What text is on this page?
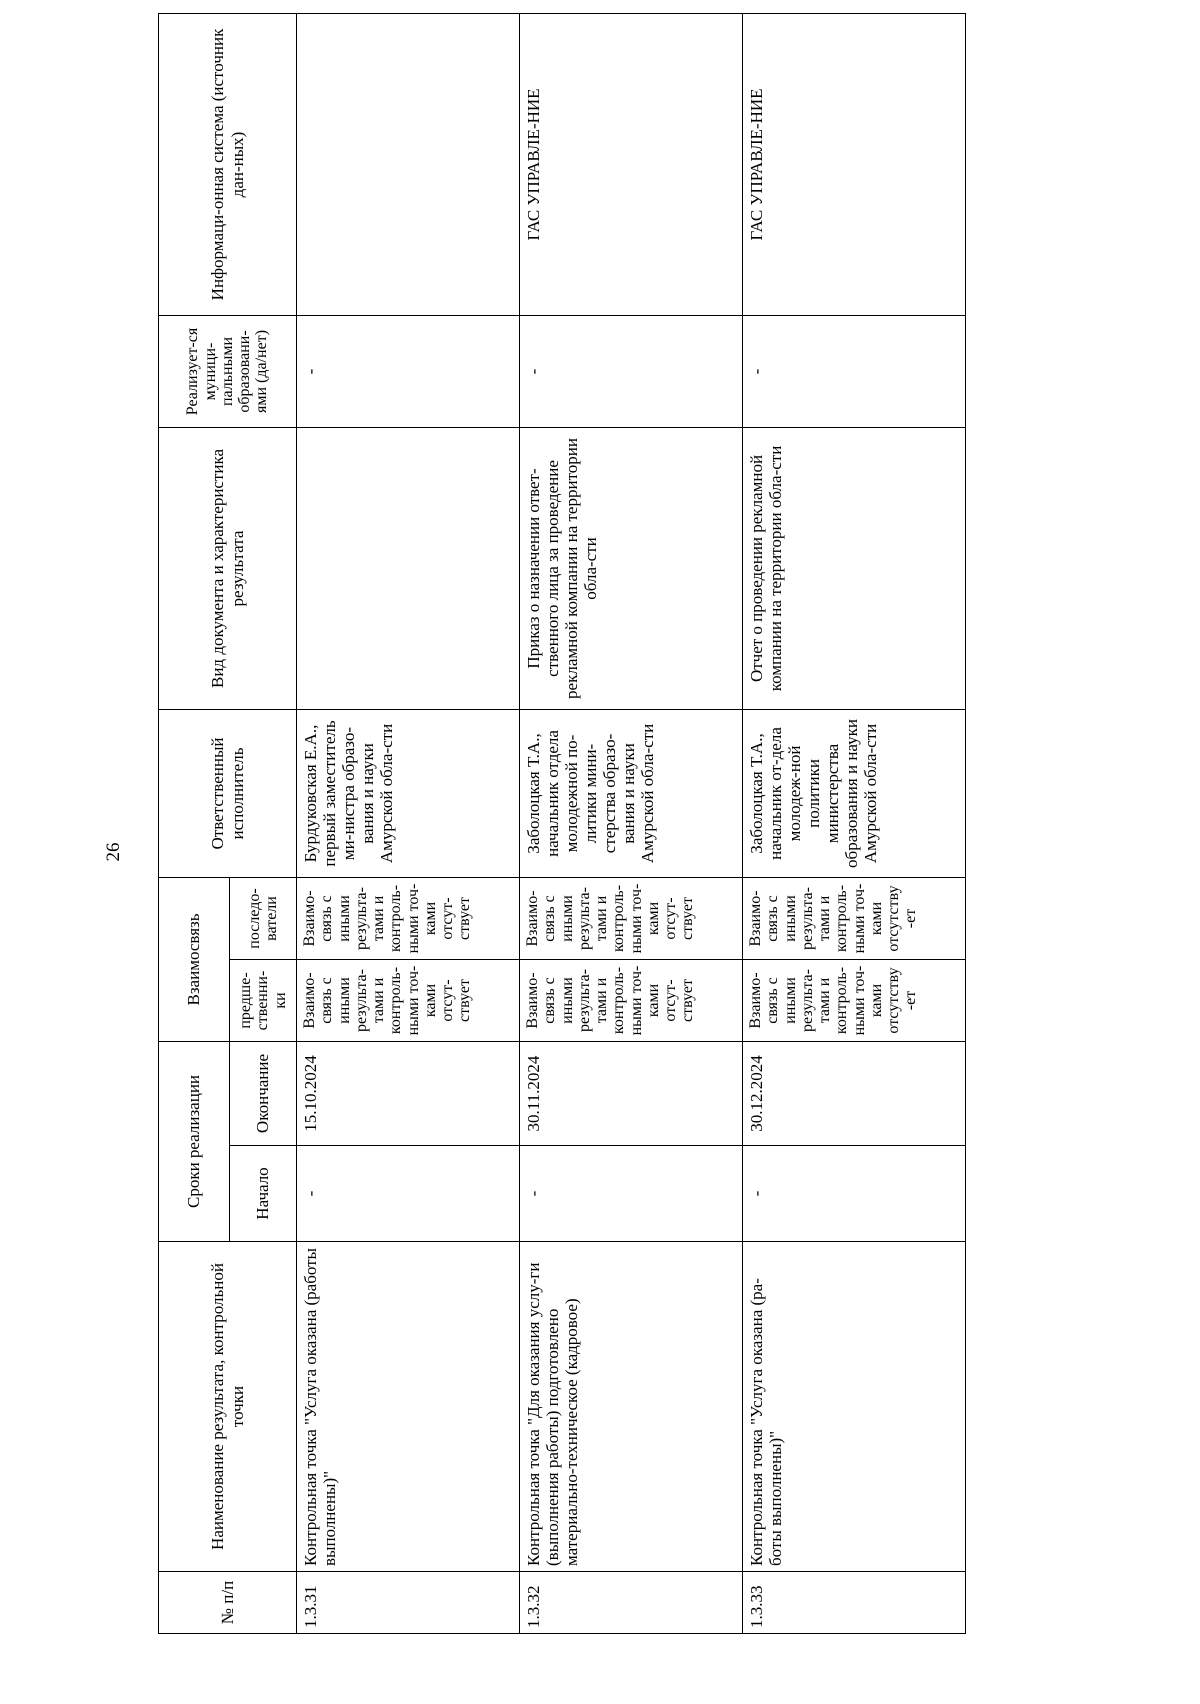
26
№ п/п	Наименование результата, контрольной точки	Сроки реализации		Взаимосвязь		Ответственный исполнитель	Вид документа и характеристика результата	Реализует-ся муници-пальными образовани-ями (да/нет)	Информаци-онная система (источник дан-ных)
		Начало	Окончание	предше-ственни-ки	последо-ватели				
1.3.31	Контрольная точка "Услуга оказана (работы выполнены)"	-	15.10.2024	Взаимо-связь с иными результа-тами и контроль-ными точ-ками отсут-ствует	Взаимо-связь с иными результа-тами и контроль-ными точ-ками отсут-ствует	Бурдуковская Е.А., первый заместитель ми-нистра образо-вания и науки Амурской обла-сти		-	
1.3.32	Контрольная точка "Для оказания услу-ги (выполнения работы) подготовлено материально-техническое (кадровое)	-	30.11.2024	Взаимо-связь с иными результа-тами и контроль-ными точ-ками отсут-ствует	Взаимо-связь с иными результа-тами и контроль-ными точ-ками отсут-ствует	Заболоцкая Т.А., начальник отдела молодежной по-литики мини-стерства образо-вания и науки Амурской обла-сти	Приказ о назначении ответ-ственного лица за проведение рекламной компании на территории обла-сти	-	ГАС УПРАВЛЕ-НИЕ
1.3.33	Контрольная точка "Услуга оказана (ра-боты выполнены)"	-	30.12.2024	Взаимо-связь с иными результа-тами и контроль-ными точ-ками отсутству-ет	Взаимо-связь с иными результа-тами и контроль-ными точ-ками отсутству-ет	Заболоцкая Т.А., начальник от-дела молодеж-ной политики министерства образования и науки Амурской обла-сти	Отчет о проведении рекламной компании на территории обла-сти	-	ГАС УПРАВЛЕ-НИЕ
